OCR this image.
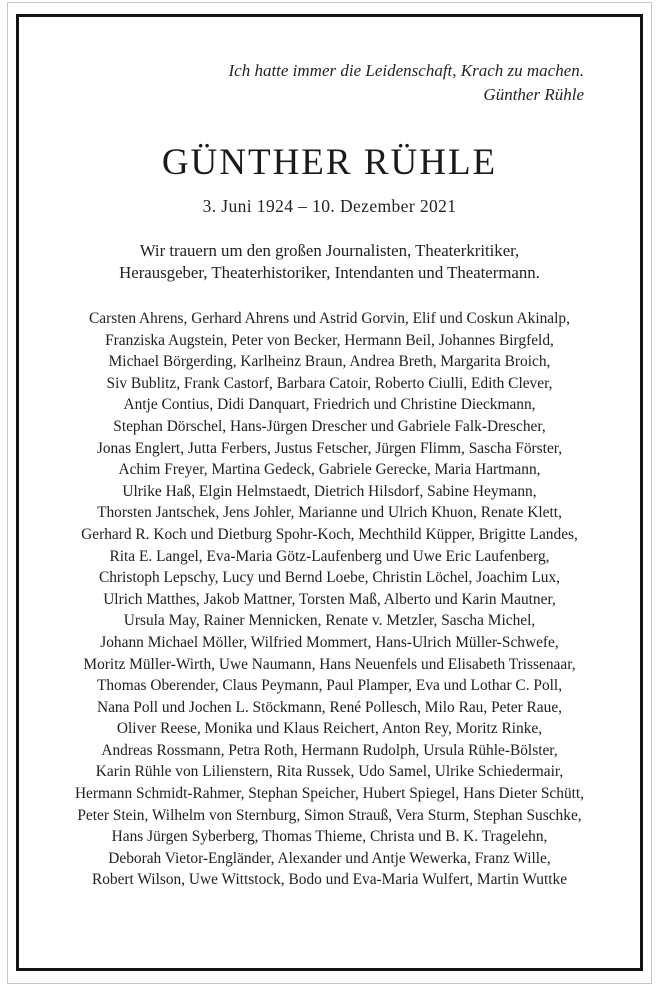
Ich hatte immer die Leidenschaft, Krach zu machen.
Günther Rühle
GÜNTHER RÜHLE
3. Juni 1924 – 10. Dezember 2021
Wir trauern um den großen Journalisten, Theaterkritiker,
Herausgeber, Theaterhistoriker, Intendanten und Theatermann.
Carsten Ahrens, Gerhard Ahrens und Astrid Gorvin, Elif und Coskun Akinalp,
Franziska Augstein, Peter von Becker, Hermann Beil, Johannes Birgfeld,
Michael Börgerding, Karlheinz Braun, Andrea Breth, Margarita Broich,
Siv Bublitz, Frank Castorf, Barbara Catoir, Roberto Ciulli, Edith Clever,
Antje Contius, Didi Danquart, Friedrich und Christine Dieckmann,
Stephan Dörschel, Hans-Jürgen Drescher und Gabriele Falk-Drescher,
Jonas Englert, Jutta Ferbers, Justus Fetscher, Jürgen Flimm, Sascha Förster,
Achim Freyer, Martina Gedeck, Gabriele Gerecke, Maria Hartmann,
Ulrike Haß, Elgin Helmstaedt, Dietrich Hilsdorf, Sabine Heymann,
Thorsten Jantschek, Jens Johler, Marianne und Ulrich Khuon, Renate Klett,
Gerhard R. Koch und Dietburg Spohr-Koch, Mechthild Küpper, Brigitte Landes,
Rita E. Langel, Eva-Maria Götz-Laufenberg und Uwe Eric Laufenberg,
Christoph Lepschy, Lucy und Bernd Loebe, Christin Löchel, Joachim Lux,
Ulrich Matthes, Jakob Mattner, Torsten Maß, Alberto und Karin Mautner,
Ursula May, Rainer Mennicken, Renate v. Metzler, Sascha Michel,
Johann Michael Möller, Wilfried Mommert, Hans-Ulrich Müller-Schwefe,
Moritz Müller-Wirth, Uwe Naumann, Hans Neuenfels und Elisabeth Trissenaar,
Thomas Oberender, Claus Peymann, Paul Plamper, Eva und Lothar C. Poll,
Nana Poll und Jochen L. Stöckmann, René Pollesch, Milo Rau, Peter Raue,
Oliver Reese, Monika und Klaus Reichert, Anton Rey, Moritz Rinke,
Andreas Rossmann, Petra Roth, Hermann Rudolph, Ursula Rühle-Bölster,
Karin Rühle von Lilienstern, Rita Russek, Udo Samel, Ulrike Schiedermair,
Hermann Schmidt-Rahmer, Stephan Speicher, Hubert Spiegel, Hans Dieter Schütt,
Peter Stein, Wilhelm von Sternburg, Simon Strauß, Vera Sturm, Stephan Suschke,
Hans Jürgen Syberberg, Thomas Thieme, Christa und B. K. Tragelehn,
Deborah Vietor-Engländer, Alexander und Antje Wewerka, Franz Wille,
Robert Wilson, Uwe Wittstock, Bodo und Eva-Maria Wulfert, Martin Wuttke
